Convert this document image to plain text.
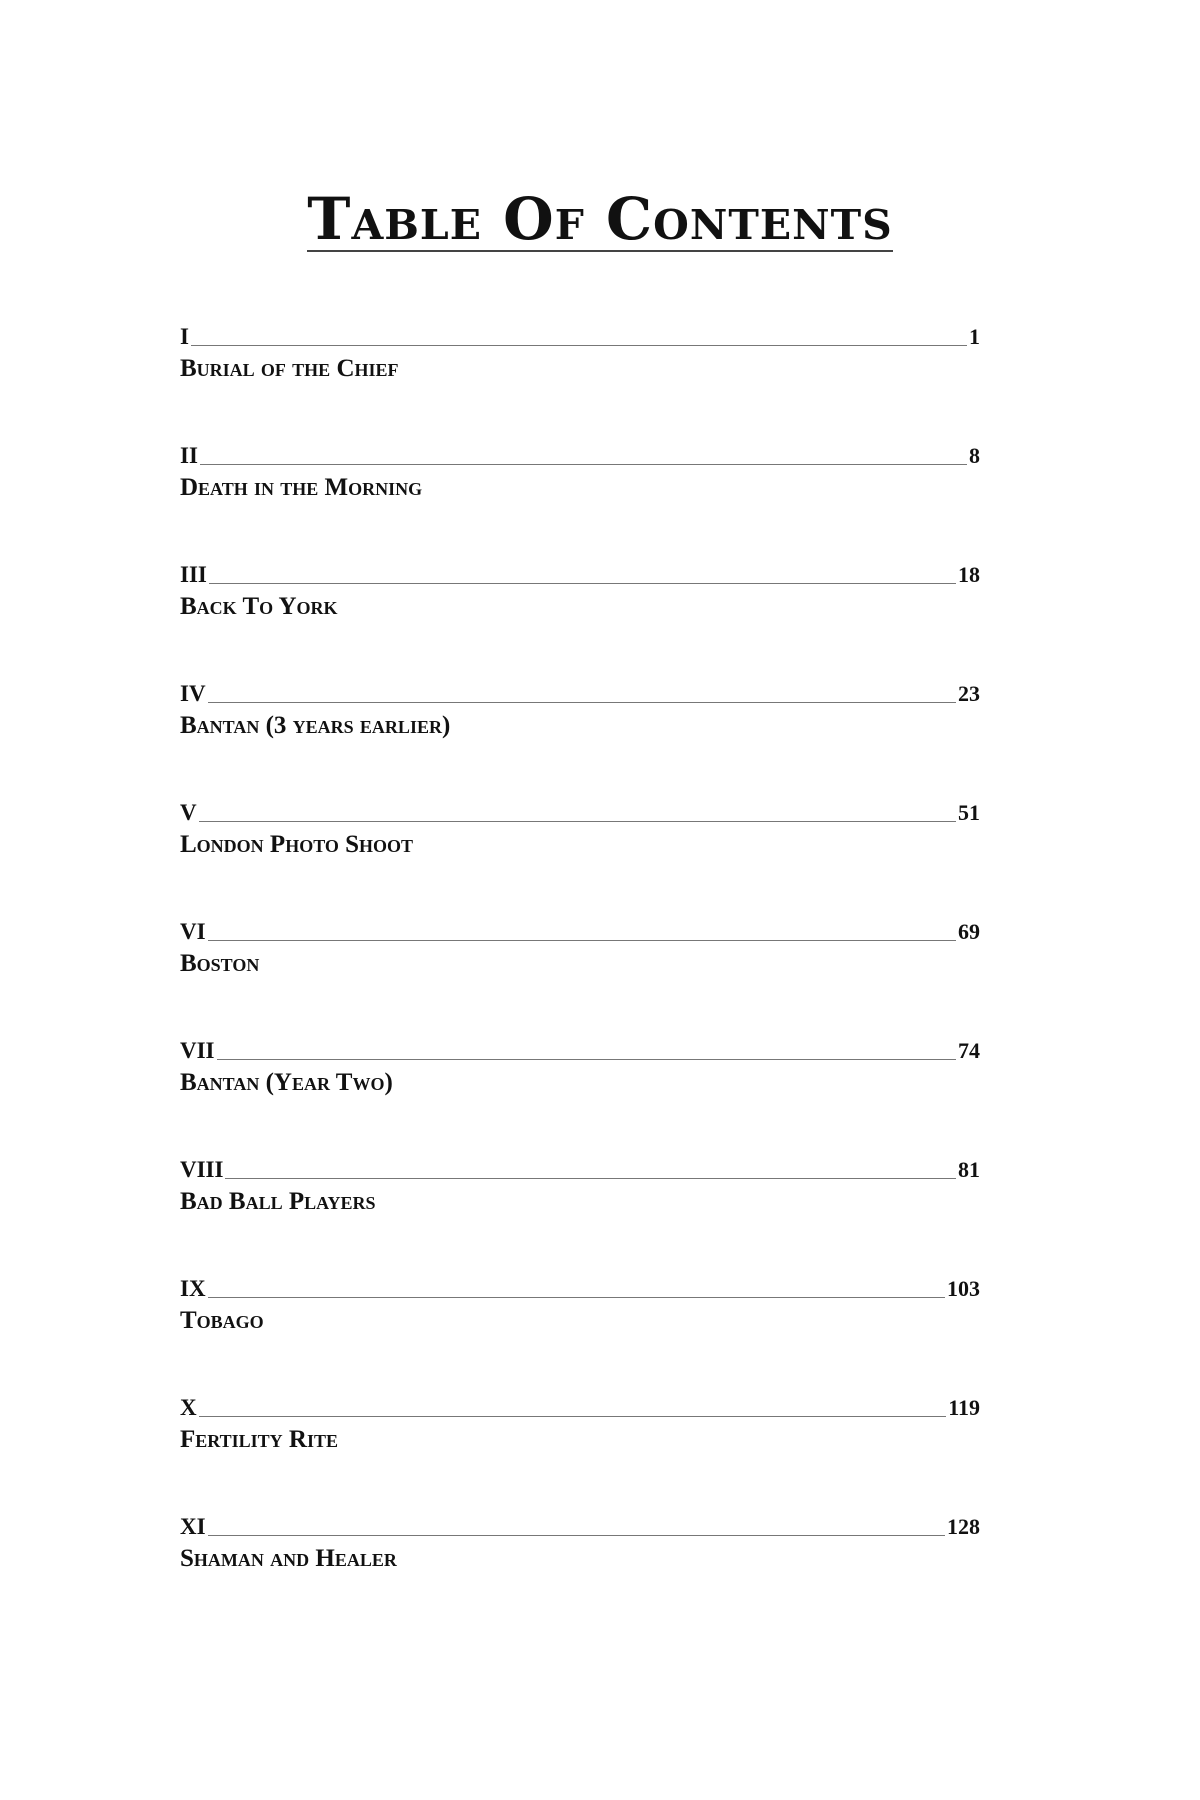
Table Of Contents
I	1
Burial of the Chief
II	8
Death in the Morning
III	18
Back To York
IV	23
Bantan (3 years earlier)
V	51
London Photo Shoot
VI	69
Boston
VII	74
Bantan (Year Two)
VIII	81
Bad Ball Players
IX	103
Tobago
X	119
Fertility Rite
XI	128
Shaman and Healer
